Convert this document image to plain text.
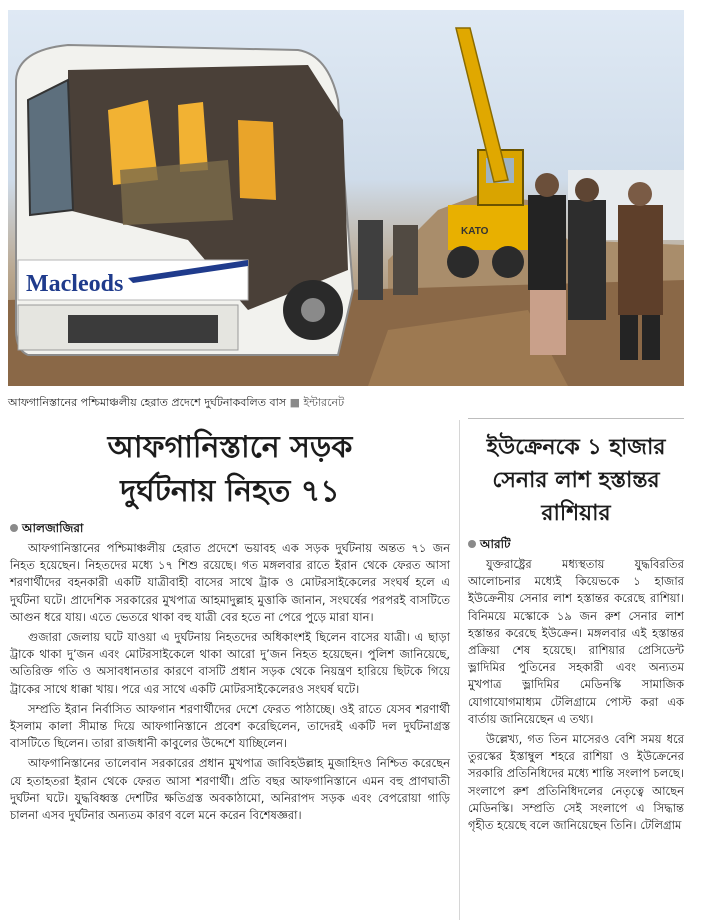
KATO
Macleods
আফগানিস্তানের পশ্চিমাঞ্চলীয় হেরাত প্রদেশে দুর্ঘটনাকবলিত বাস ■ ইন্টারনেট
আফগানিস্তানে সড়ক
দুর্ঘটনায় নিহত ৭১
আলজাজিরা

আফগানিস্তানের পশ্চিমাঞ্চলীয় হেরাত প্রদেশে ভয়াবহ এক সড়ক দুর্ঘটনায় অন্তত ৭১ জন নিহত হয়েছেন। নিহতদের মধ্যে ১৭ শিশু রয়েছে। গত মঙ্গলবার রাতে ইরান থেকে ফেরত আসা শরণার্থীদের বহনকারী একটি যাত্রীবাহী বাসের সাথে ট্রাক ও মোটরসাইকেলের সংঘর্ষ হলে এ দুর্ঘটনা ঘটে। প্রাদেশিক সরকারের মুখপাত্র আহমাদুল্লাহ মুত্তাকি জানান, সংঘর্ষের পরপরই বাসটিতে আগুন ধরে যায়। এতে ভেতরে থাকা বহু যাত্রী বের হতে না পেরে পুড়ে মারা যান।

গুজারা জেলায় ঘটে যাওয়া এ দুর্ঘটনায় নিহতদের অধিকাংশই ছিলেন বাসের যাত্রী। এ ছাড়া ট্রাকে থাকা দু’জন এবং মোটরসাইকেলে থাকা আরো দু’জন নিহত হয়েছেন। পুলিশ জানিয়েছে, অতিরিক্ত গতি ও অসাবধানতার কারণে বাসটি প্রধান সড়ক থেকে নিয়ন্ত্রণ হারিয়ে ছিটকে গিয়ে ট্রাকের সাথে ধাক্কা খায়। পরে এর সাথে একটি মোটরসাইকেলেরও সংঘর্ষ ঘটে।

সম্প্রতি ইরান নির্বাসিত আফগান শরণার্থীদের দেশে ফেরত পাঠাচ্ছে। ওই রাতে যেসব শরণার্থী ইসলাম কালা সীমান্ত দিয়ে আফগানিস্তানে প্রবেশ করেছিলেন, তাদেরই একটি দল দুর্ঘটনাগ্রস্ত বাসটিতে ছিলেন। তারা রাজধানী কাবুলের উদ্দেশে যাচ্ছিলেন।

আফগানিস্তানের তালেবান সরকারের প্রধান মুখপাত্র জাবিহউল্লাহ মুজাহিদও নিশ্চিত করেছেন যে হতাহতরা ইরান থেকে ফেরত আসা শরণার্থী। প্রতি বছর আফগানিস্তানে এমন বহু প্রাণঘাতী দুর্ঘটনা ঘটে। যুদ্ধবিধ্বস্ত দেশটির ক্ষতিগ্রস্ত অবকাঠামো, অনিরাপদ সড়ক এবং বেপরোয়া গাড়ি চালনা এসব দুর্ঘটনার অন্যতম কারণ বলে মনে করেন বিশেষজ্ঞরা।

ইউক্রেনকে ১ হাজার
সেনার লাশ হস্তান্তর
রাশিয়ার
আরটি

যুক্তরাষ্ট্রের মধ্যস্থতায় যুদ্ধবিরতির আলোচনার মধ্যেই কিয়েভকে ১ হাজার ইউক্রেনীয় সেনার লাশ হস্তান্তর করেছে রাশিয়া। বিনিময়ে মস্কোকে ১৯ জন রুশ সেনার লাশ হস্তান্তর করেছে ইউক্রেন। মঙ্গলবার এই হস্তান্তর প্রক্রিয়া শেষ হয়েছে। রাশিয়ার প্রেসিডেন্ট ভ্লাদিমির পুতিনের সহকারী এবং অন্যতম মুখপাত্র ভ্লাদিমির মেডিনস্কি সামাজিক যোগাযোগমাধ্যম টেলিগ্রামে পোস্ট করা এক বার্তায় জানিয়েছেন এ তথ্য।

উল্লেখ্য, গত তিন মাসেরও বেশি সময় ধরে তুরস্কের ইস্তাম্বুল শহরে রাশিয়া ও ইউক্রেনের সরকারি প্রতিনিধিদের মধ্যে শান্তি সংলাপ চলছে। সংলাপে রুশ প্রতিনিধিদলের নেতৃত্বে আছেন মেডিনস্কি। সম্প্রতি সেই সংলাপে এ সিদ্ধান্ত গৃহীত হয়েছে বলে জানিয়েছেন তিনি। টেলিগ্রাম
